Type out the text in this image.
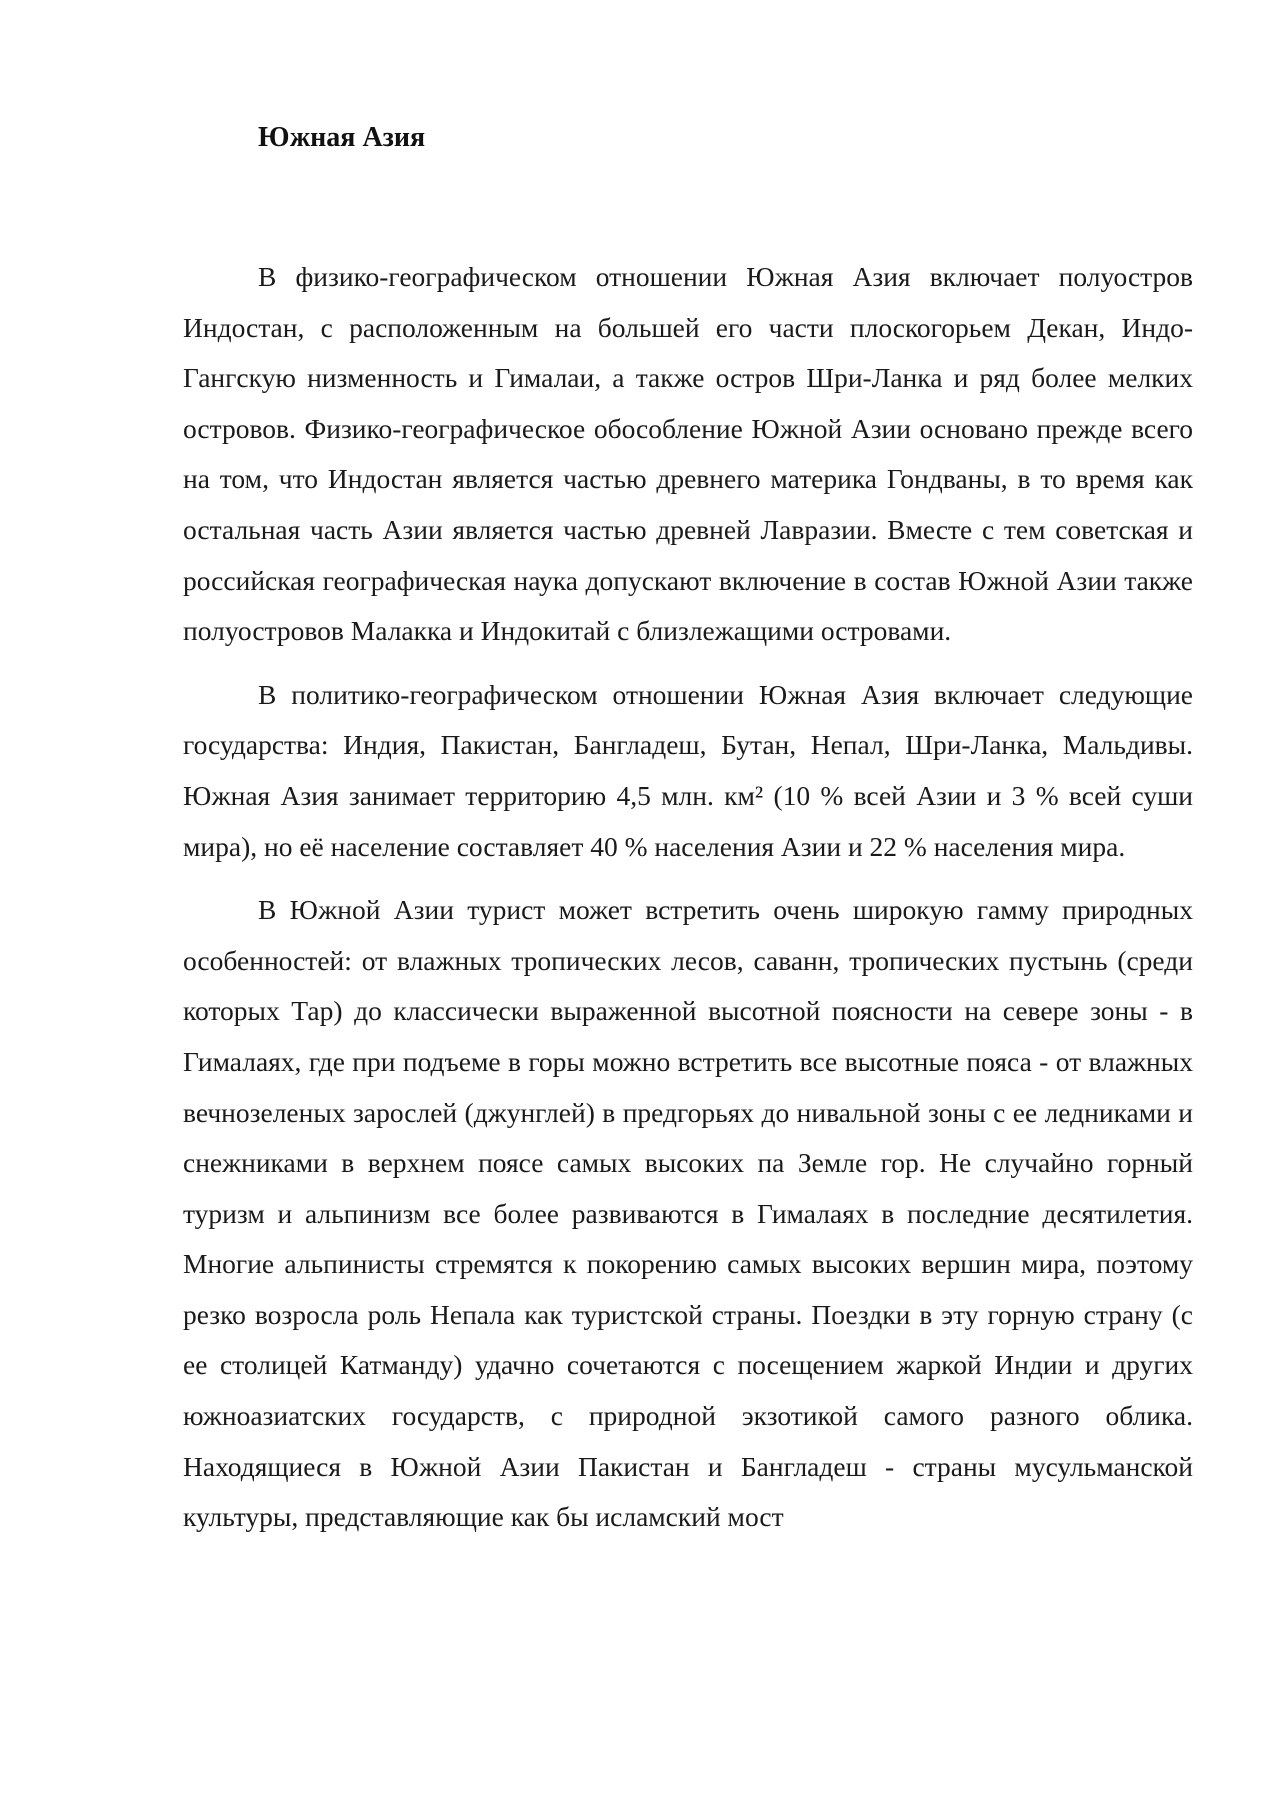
Южная Азия

В физико-географическом отношении Южная Азия включает полуостров Индостан, с расположенным на большей его части плоскогорьем Декан, Индо-Гангскую низменность и Гималаи, а также остров Шри-Ланка и ряд более мелких островов. Физико-географическое обособление Южной Азии основано прежде всего на том, что Индостан является частью древнего материка Гондваны, в то время как остальная часть Азии является частью древней Лавразии. Вместе с тем советская и российская географическая наука допускают включение в состав Южной Азии также полуостровов Малакка и Индокитай с близлежащими островами.

В политико-географическом отношении Южная Азия включает следующие государства: Индия, Пакистан, Бангладеш, Бутан, Непал, Шри-Ланка, Мальдивы. Южная Азия занимает территорию 4,5 млн. км² (10 % всей Азии и 3 % всей суши мира), но её население составляет 40 % населения Азии и 22 % населения мира.

В Южной Азии турист может встретить очень широкую гамму природных особенностей: от влажных тропических лесов, саванн, тропических пустынь (среди которых Тар) до классически выраженной высотной поясности на севере зоны - в Гималаях, где при подъеме в горы можно встретить все высотные пояса - от влажных вечнозеленых зарослей (джунглей) в предгорьях до нивальной зоны с ее ледниками и снежниками в верхнем поясе самых высоких па Земле гор. Не случайно горный туризм и альпинизм все более развиваются в Гималаях в последние десятилетия. Многие альпинисты стремятся к покорению самых высоких вершин мира, поэтому резко возросла роль Непала как туристской страны. Поездки в эту горную страну (с ее столицей Катманду) удачно сочетаются с посещением жаркой Индии и других южноазиатских государств, с природной экзотикой самого разного облика. Находящиеся в Южной Азии Пакистан и Бангладеш - страны мусульманской культуры, представляющие как бы исламский мост
